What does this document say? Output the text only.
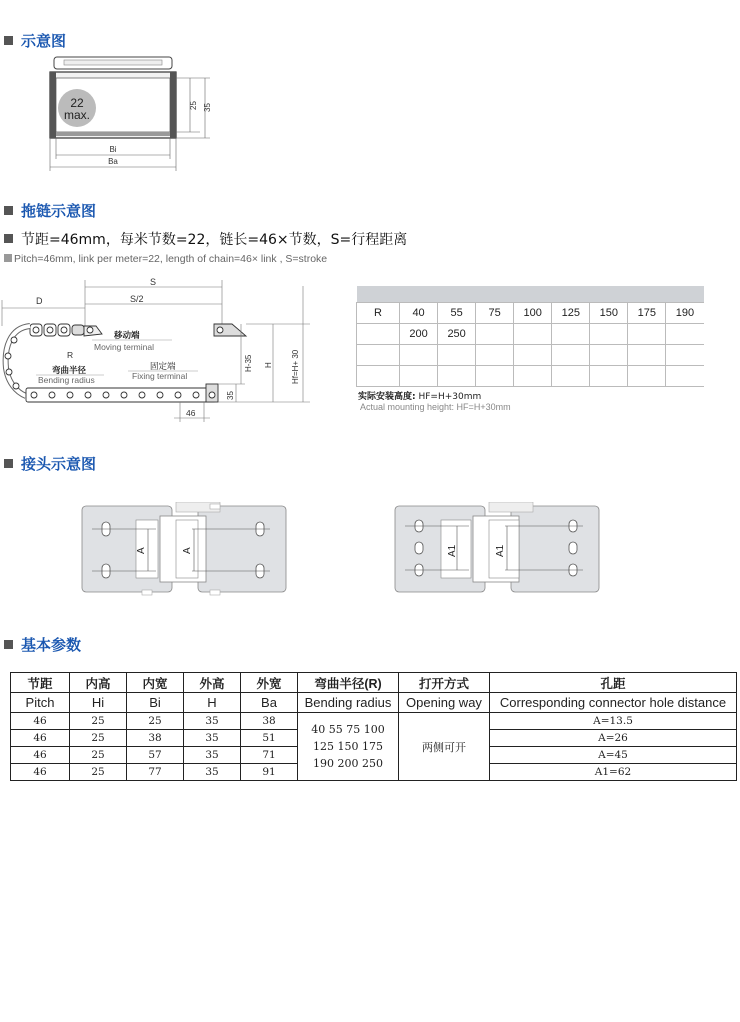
示意图
22
max.
25 35
Bi
Ba
拖链示意图
节距=46mm，每米节数=22，链长=46×节数，S=行程距离
Pitch=46mm, link per meter=22, length of chain=46× link , S=stroke
S
D	S/2
移动端
Moving terminal
R
弯曲半径
Bending radius
固定端
Fixing terminal
H-35 H Hf=H+ 30
35
46

R	40	55	75	100	125	150	175	190
	200	250						

实际安装高度: HF=H+30mm
Actual mounting height: HF=H+30mm
接头示意图
A	A	A1	A1
基本参数
节距	内高	内宽	外高	外宽	弯曲半径(R)	打开方式	孔距
Pitch	Hi	Bi	H	Ba	Bending radius	Opening way	Corresponding connector hole distance
46	25	25	35	38	40 55 75 100
125 150 175
190 200 250	两侧可开	A=13.5
46	25	38	35	51			A=26
46	25	57	35	71			A=45
46	25	77	35	91			A1=62
